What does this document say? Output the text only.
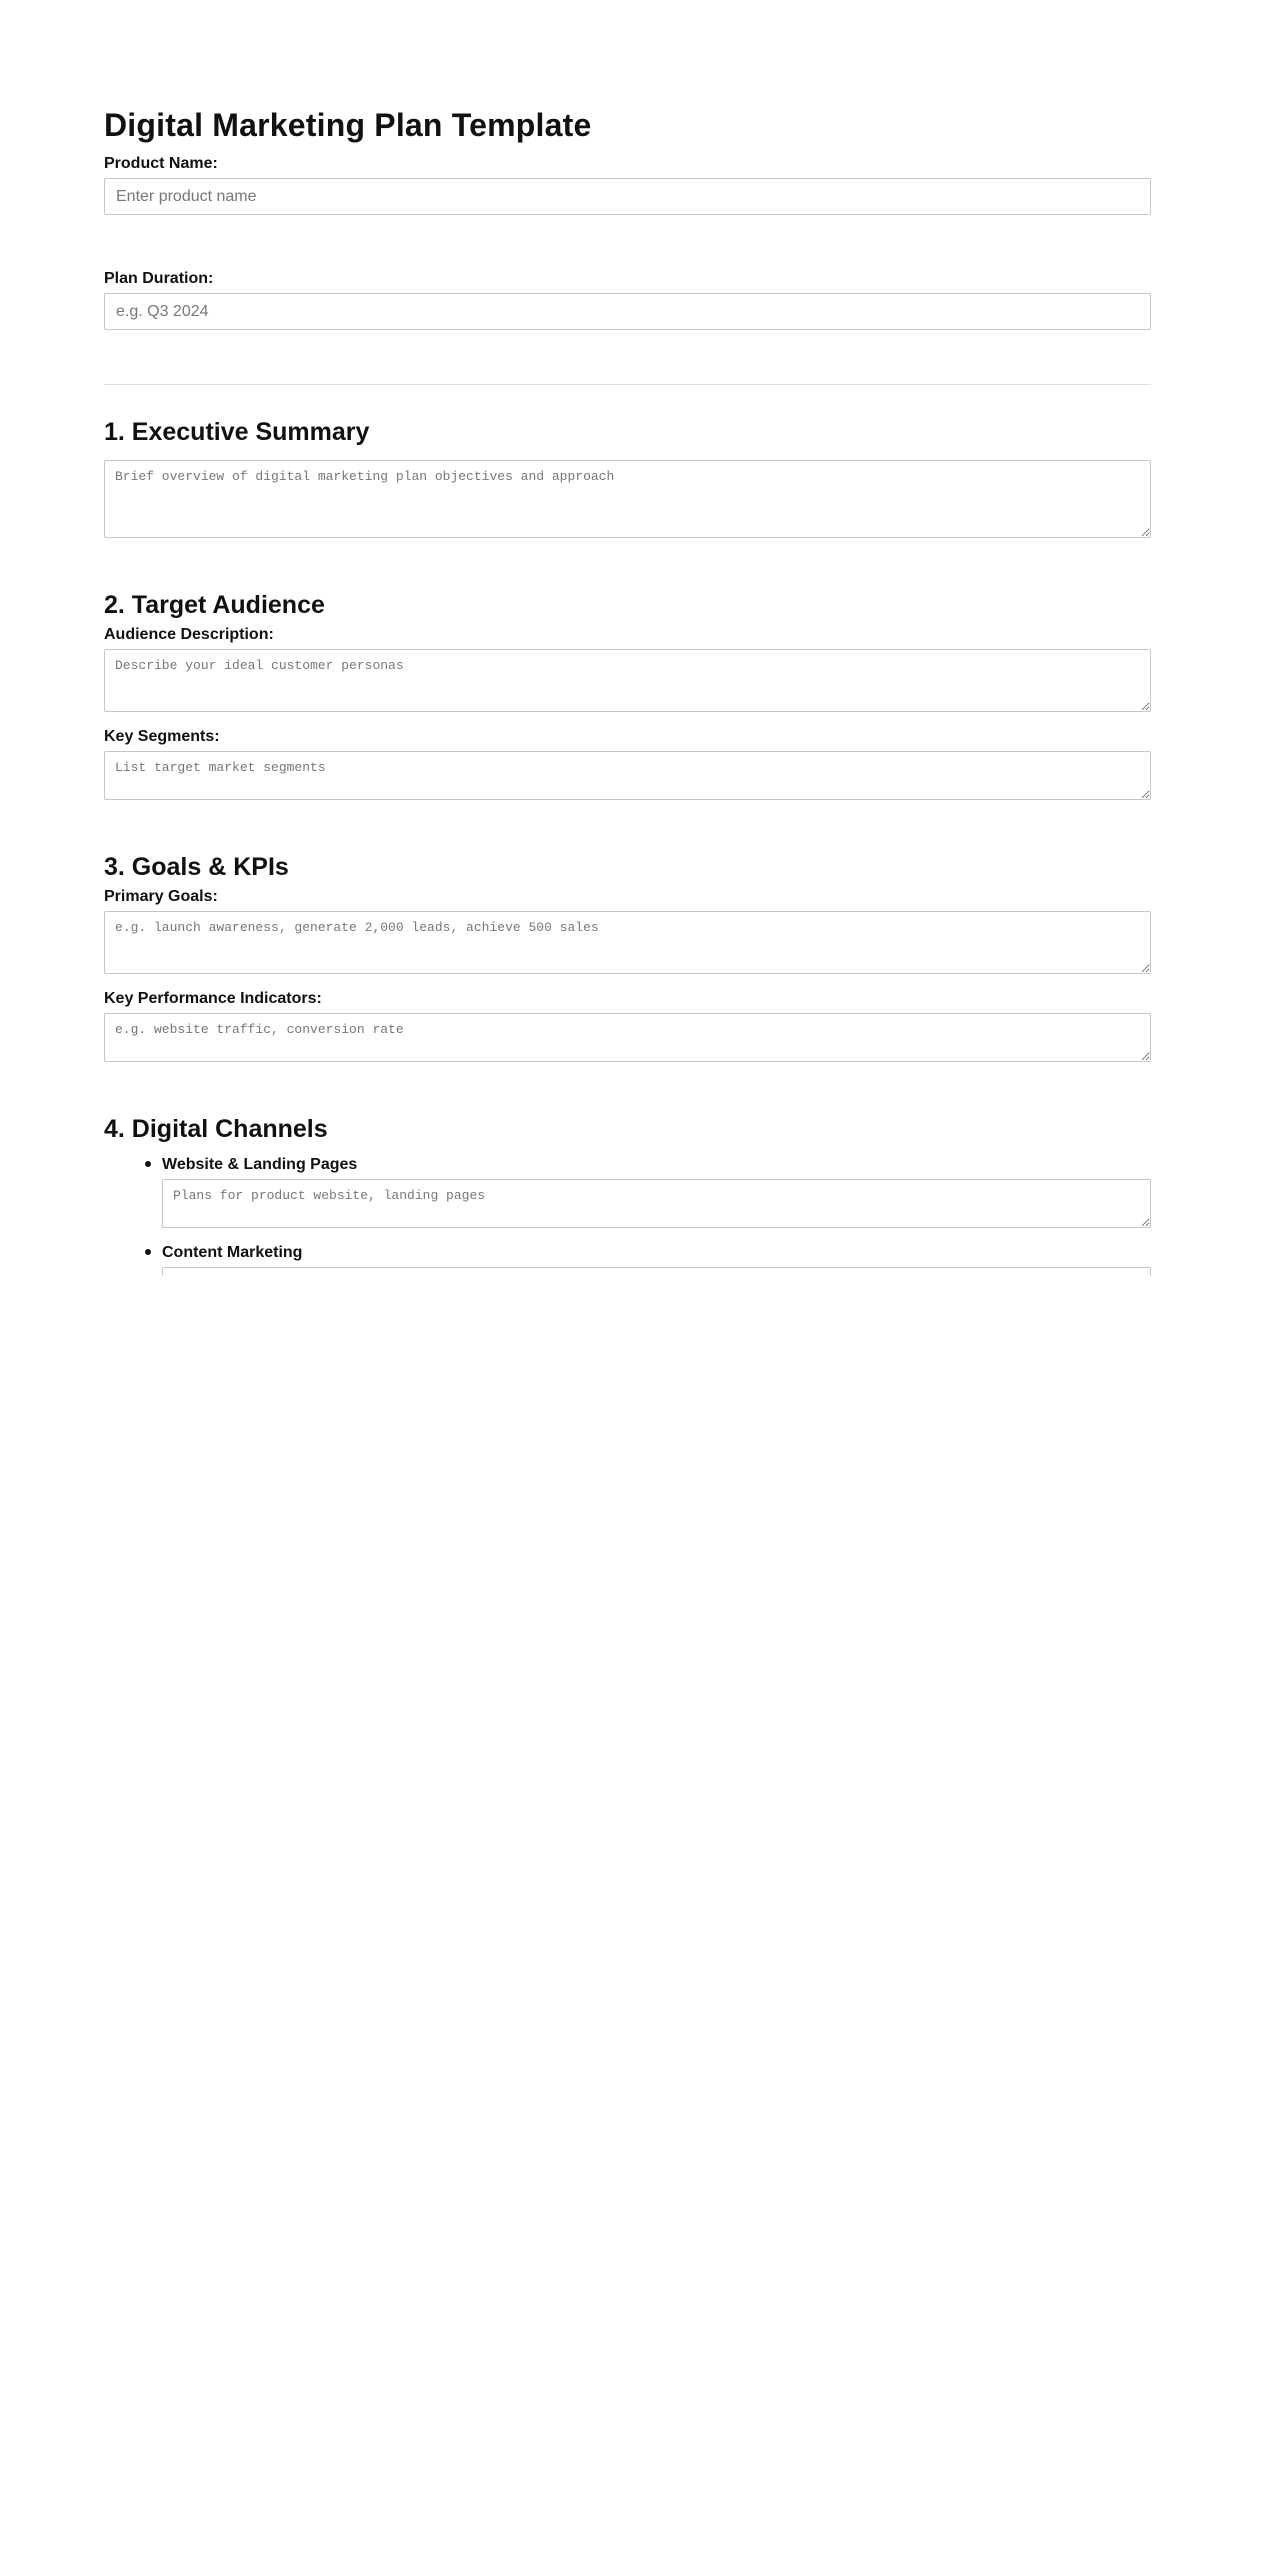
Digital Marketing Plan Template
Product Name:
Enter product name
Plan Duration:
e.g. Q3 2024
1. Executive Summary
Brief overview of digital marketing plan objectives and approach
2. Target Audience
Audience Description:
Describe your ideal customer personas
Key Segments:
List target market segments
3. Goals & KPIs
Primary Goals:
e.g. launch awareness, generate 2,000 leads, achieve 500 sales
Key Performance Indicators:
e.g. website traffic, conversion rate
4. Digital Channels
Website & Landing Pages
Plans for product website, landing pages
Content Marketing
